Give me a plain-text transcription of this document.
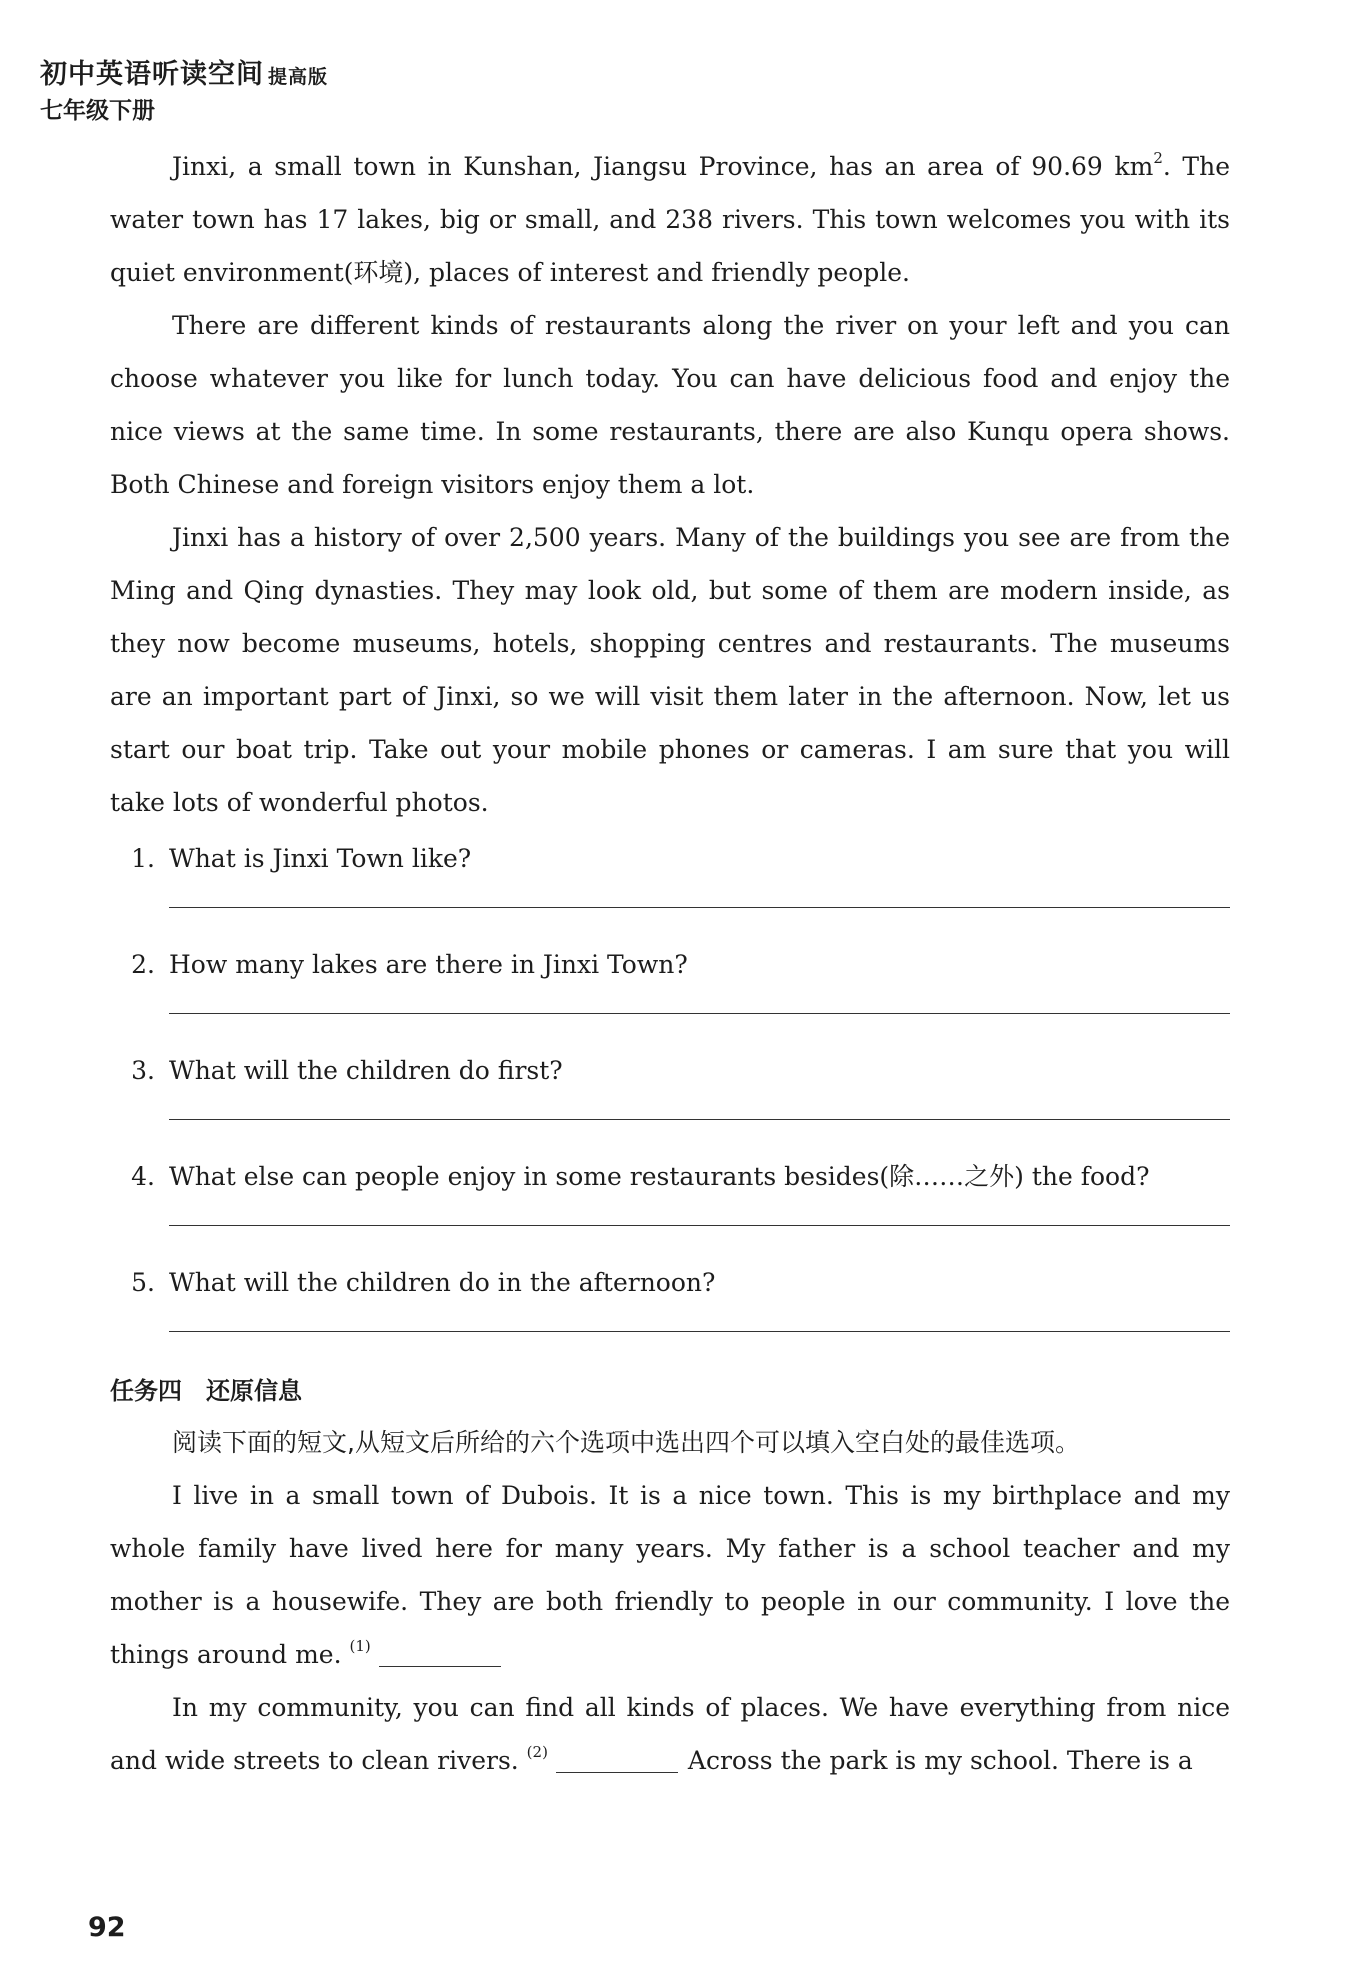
初中英语听读空间 提高版
七年级下册

Jinxi, a small town in Kunshan, Jiangsu Province, has an area of 90.69 $km^2$. The water town has 17 lakes, big or small, and 238 rivers. This town welcomes you with its quiet environment(环境), places of interest and friendly people.

There are different kinds of restaurants along the river on your left and you can choose whatever you like for lunch today. You can have delicious food and enjoy the nice views at the same time. In some restaurants, there are also Kunqu opera shows. Both Chinese and foreign visitors enjoy them a lot.

Jinxi has a history of over 2,500 years. Many of the buildings you see are from the Ming and Qing dynasties. They may look old, but some of them are modern inside, as they now become museums, hotels, shopping centres and restaurants. The museums are an important part of Jinxi, so we will visit them later in the afternoon. Now, let us start our boat trip. Take out your mobile phones or cameras. I am sure that you will take lots of wonderful photos.

1. What is Jinxi Town like?
2. How many lakes are there in Jinxi Town?
3. What will the children do first?
4. What else can people enjoy in some restaurants besides(除……之外) the food?
5. What will the children do in the afternoon?
任务四 还原信息

阅读下面的短文,从短文后所给的六个选项中选出四个可以填入空白处的最佳选项。

I live in a small town of Dubois. It is a nice town. This is my birthplace and my whole family have lived here for many years. My father is a school teacher and my mother is a housewife. They are both friendly to people in our community. I love the things around me. $^{(1)}$

In my community, you can find all kinds of places. We have everything from nice and wide streets to clean rivers. $^{(2)}$	Across the park is my school. There is a

92
